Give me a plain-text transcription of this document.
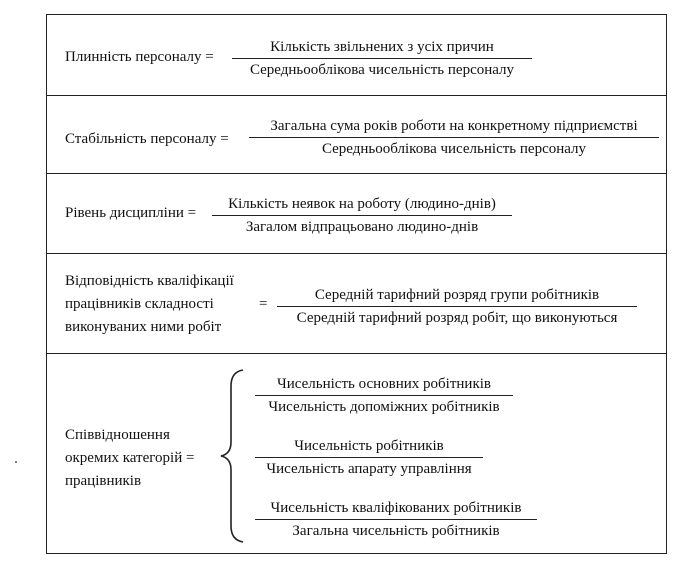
Плинність персоналу =
Кількість звільнених з усіх причин
Середньооблікова чисельність персоналу
Стабільність персоналу =
Загальна сума років роботи на конкретному підприємстві
Середньооблікова чисельність персоналу
Рівень дисципліни =
Кількість неявок на роботу (людино-днів)
Загалом відпрацьовано людино-днів
Відповідність кваліфікації
працівників складності
виконуваних ними робіт
=
Середній тарифний розряд групи робітників
Середній тарифний розряд робіт, що виконуються
Співвідношення
окремих категорій =
працівників
Чисельність основних робітників
Чисельність допоміжних робітників
Чисельність робітників
Чисельність апарату управління
Чисельність кваліфікованих робітників
Загальна чисельність робітників
